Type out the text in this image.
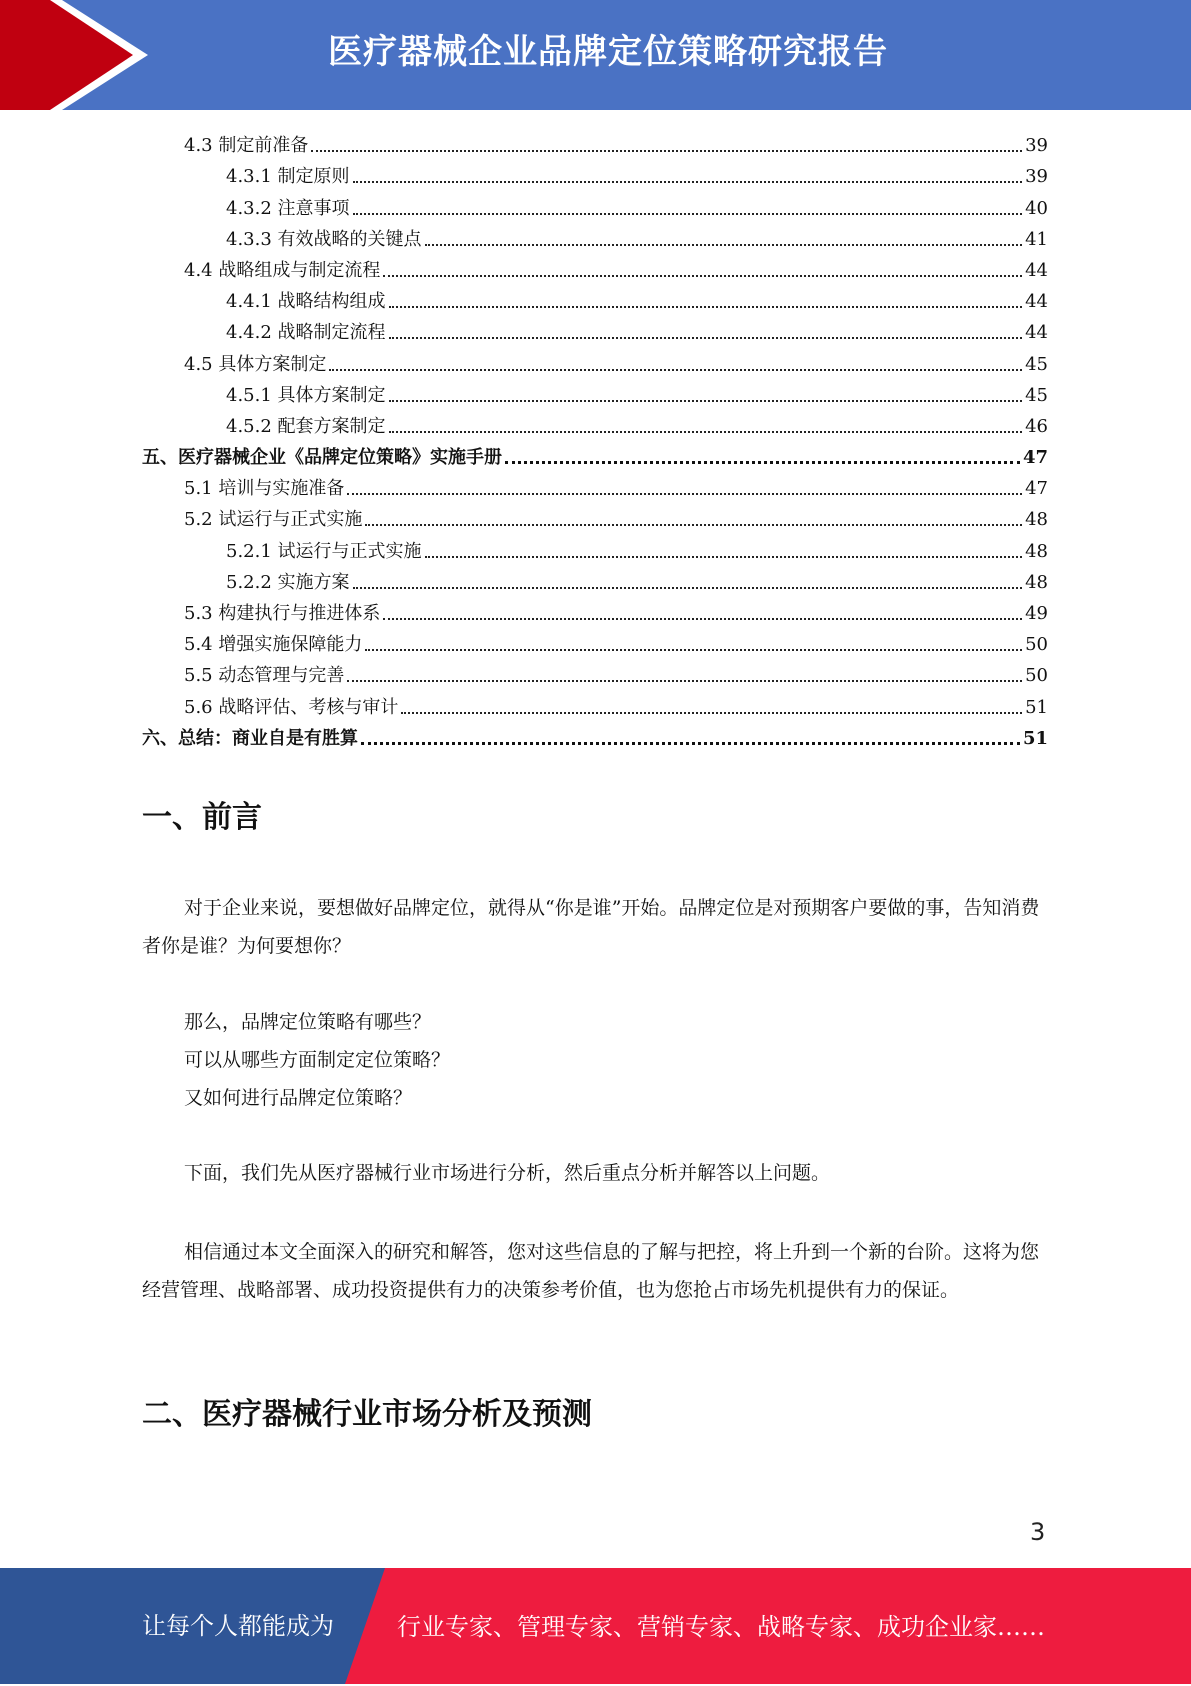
医疗器械企业品牌定位策略研究报告
4.3 制定前准备	39
4.3.1 制定原则	39
4.3.2 注意事项	40
4.3.3 有效战略的关键点	41
4.4 战略组成与制定流程	44
4.4.1 战略结构组成	44
4.4.2 战略制定流程	44
4.5 具体方案制定	45
4.5.1 具体方案制定	45
4.5.2 配套方案制定	46
五、医疗器械企业《品牌定位策略》实施手册	47
5.1 培训与实施准备	47
5.2 试运行与正式实施	48
5.2.1 试运行与正式实施	48
5.2.2 实施方案	48
5.3 构建执行与推进体系	49
5.4 增强实施保障能力	50
5.5 动态管理与完善	50
5.6 战略评估、考核与审计	51
六、总结：商业自是有胜算	51
一、前言

对于企业来说，要想做好品牌定位，就得从“你是谁”开始。品牌定位是对预期客户要做的事，告知消费者你是谁？为何要想你？

那么，品牌定位策略有哪些？
可以从哪些方面制定定位策略？
又如何进行品牌定位策略？

下面，我们先从医疗器械行业市场进行分析，然后重点分析并解答以上问题。

相信通过本文全面深入的研究和解答，您对这些信息的了解与把控，将上升到一个新的台阶。这将为您经营管理、战略部署、成功投资提供有力的决策参考价值，也为您抢占市场先机提供有力的保证。

二、医疗器械行业市场分析及预测
3
让每个人都能成为	行业专家、管理专家、营销专家、战略专家、成功企业家……
